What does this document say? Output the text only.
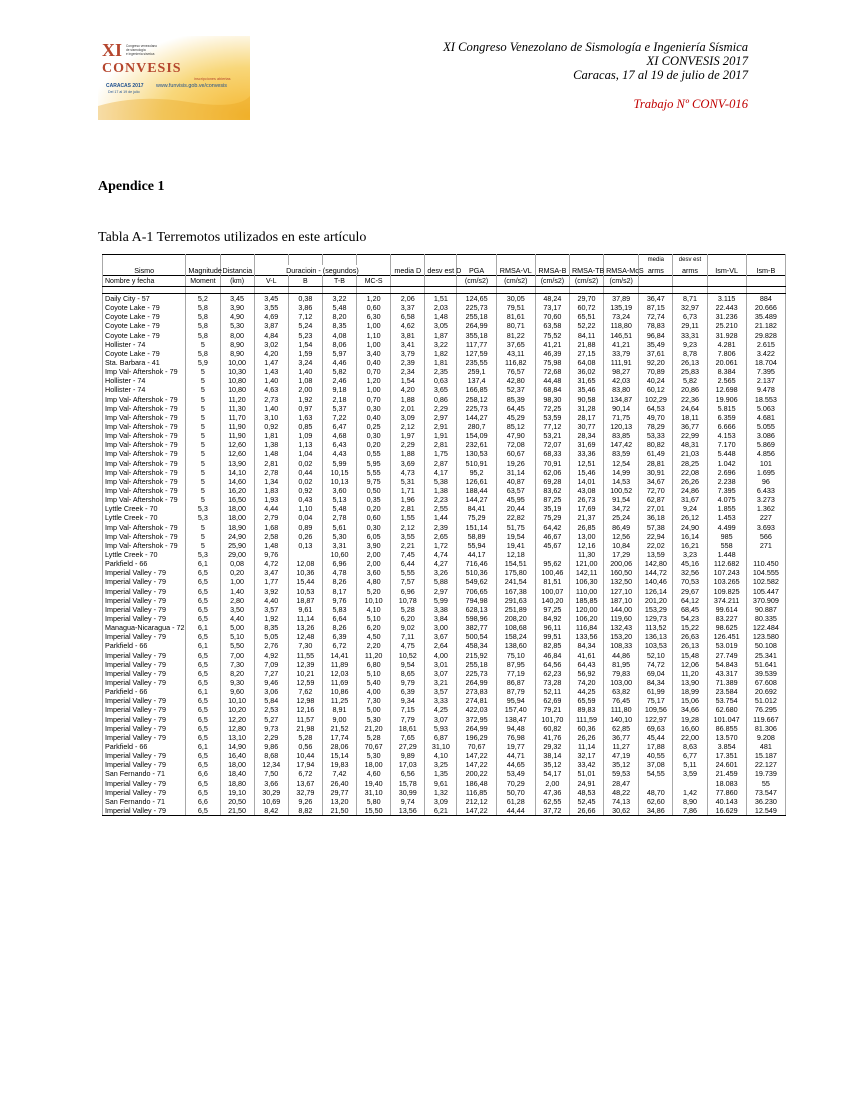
XI Congreso venezolano
de sismología
e ingeniería sísmica
CONVESIS
CARACAS 2017
Del 17 al 19 de julio
inscripciones abiertas
www.funvisis.gob.ve/convesis
XI Congreso Venezolano de Sismología e Ingeniería Sísmica
XI CONVESIS 2017
Caracas, 17 al 19 de julio de 2017
Trabajo Nº CONV-016
Apendice 1
Tabla A-1 Terremotos utilizados en este artículo
														media	desv est		
Sismo	Magnitude	Distancia	Duracioin - (segundos)				media D	desv est D	PGA	RMSA-VL	RMSA-B	RMSA-TB	RMSA-McS	arms	arms	Ism-VL	Ism-B
Nombre y fecha	Moment	(km)	V-L	B	T-B	MC-S			(cm/s2)	(cm/s2)	(cm/s2)	(cm/s2)	(cm/s2)				

Daily City - 57	5,2	3,45	3,45	0,38	3,22	1,20	2,06	1,51	124,65	30,05	48,24	29,70	37,89	36,47	8,71	3.115	884
Coyote Lake - 79	5,8	3,90	3,55	3,86	5,48	0,60	3,37	2,03	225,73	79,51	73,17	60,72	135,19	87,15	32,97	22.443	20.666
Coyote Lake - 79	5,8	4,90	4,69	7,12	8,20	6,30	6,58	1,48	255,18	81,61	70,60	65,51	73,24	72,74	6,73	31.236	35.489
Coyote Lake - 79	5,8	5,30	3,87	5,24	8,35	1,00	4,62	3,05	264,99	80,71	63,58	52,22	118,80	78,83	29,11	25.210	21.182
Coyote Lake - 79	5,8	8,00	4,84	5,23	4,08	1,10	3,81	1,87	355,18	81,22	75,52	84,11	146,51	96,84	33,31	31.928	29.828
Hollister - 74	5	8,90	3,02	1,54	8,06	1,00	3,41	3,22	117,77	37,65	41,21	21,88	41,21	35,49	9,23	4.281	2.615
Coyote Lake - 79	5,8	8,90	4,20	1,59	5,97	3,40	3,79	1,82	127,59	43,11	46,39	27,15	33,79	37,61	8,78	7.806	3.422
Sta. Barbara - 41	5,9	10,00	1,47	3,24	4,46	0,40	2,39	1,81	235,55	116,82	75,98	64,08	111,91	92,20	26,13	20.061	18.704
Imp Val- Aftershok - 79	5	10,30	1,43	1,40	5,82	0,70	2,34	2,35	259,1	76,57	72,68	36,02	98,27	70,89	25,83	8.384	7.395
Hollister - 74	5	10,80	1,40	1,08	2,46	1,20	1,54	0,63	137,4	42,80	44,48	31,65	42,03	40,24	5,82	2.565	2.137
Hollister - 74	5	10,80	4,63	2,00	9,18	1,00	4,20	3,65	166,85	52,37	68,84	35,46	83,80	60,12	20,86	12.698	9.478
Imp Val- Aftershok - 79	5	11,20	2,73	1,92	2,18	0,70	1,88	0,86	258,12	85,39	98,30	90,58	134,87	102,29	22,36	19.906	18.553
Imp Val- Aftershok - 79	5	11,30	1,40	0,97	5,37	0,30	2,01	2,29	225,73	64,45	72,25	31,28	90,14	64,53	24,64	5.815	5.063
Imp Val- Aftershok - 79	5	11,70	3,10	1,63	7,22	0,40	3,09	2,97	144,27	45,29	53,59	28,17	71,75	49,70	18,11	6.359	4.681
Imp Val- Aftershok - 79	5	11,90	0,92	0,85	6,47	0,25	2,12	2,91	280,7	85,12	77,12	30,77	120,13	78,29	36,77	6.666	5.055
Imp Val- Aftershok - 79	5	11,90	1,81	1,09	4,68	0,30	1,97	1,91	154,09	47,90	53,21	28,34	83,85	53,33	22,99	4.153	3.086
Imp Val- Aftershok - 79	5	12,60	1,38	1,13	6,43	0,20	2,29	2,81	232,61	72,08	72,07	31,69	147,42	80,82	48,31	7.170	5.869
Imp Val- Aftershok - 79	5	12,60	1,48	1,04	4,43	0,55	1,88	1,75	130,53	60,67	68,33	33,36	83,59	61,49	21,03	5.448	4.856
Imp Val- Aftershok - 79	5	13,90	2,81	0,02	5,99	5,95	3,69	2,87	510,91	19,26	70,91	12,51	12,54	28,81	28,25	1.042	101
Imp Val- Aftershok - 79	5	14,10	2,78	0,44	10,15	5,55	4,73	4,17	95,2	31,14	62,06	15,46	14,99	30,91	22,08	2.696	1.695
Imp Val- Aftershok - 79	5	14,60	1,34	0,02	10,13	9,75	5,31	5,38	126,61	40,87	69,28	14,01	14,53	34,67	26,26	2.238	96
Imp Val- Aftershok - 79	5	16,20	1,83	0,92	3,60	0,50	1,71	1,38	188,44	63,57	83,62	43,08	100,52	72,70	24,86	7.395	6.433
Imp Val- Aftershok - 79	5	16,50	1,93	0,43	5,13	0,35	1,96	2,23	144,27	45,95	87,25	26,73	91,54	62,87	31,67	4.075	3.273
Lyttle Creek - 70	5,3	18,00	4,44	1,10	5,48	0,20	2,81	2,55	84,41	20,44	35,19	17,69	34,72	27,01	9,24	1.855	1.362
Lyttle Creek - 70	5,3	18,00	2,79	0,04	2,78	0,60	1,55	1,44	75,29	22,82	75,29	21,37	25,24	36,18	26,12	1.453	227
Imp Val- Aftershok - 79	5	18,90	1,68	0,89	5,61	0,30	2,12	2,39	151,14	51,75	64,42	26,85	86,49	57,38	24,90	4.499	3.693
Imp Val- Aftershok - 79	5	24,90	2,58	0,26	5,30	6,05	3,55	2,65	58,89	19,54	46,67	13,00	12,56	22,94	16,14	985	566
Imp Val- Aftershok - 79	5	25,90	1,48	0,13	3,31	3,90	2,21	1,72	55,94	19,41	45,67	12,16	10,84	22,02	16,21	558	271
Lyttle Creek - 70	5,3	29,00	9,76		10,60	2,00	7,45	4,74	44,17	12,18		11,30	17,29	13,59	3,23	1.448	
Parkfield - 66	6,1	0,08	4,72	12,08	6,96	2,00	6,44	4,27	716,46	154,51	95,62	121,00	200,06	142,80	45,16	112.682	110.450
Imperial Valley - 79	6,5	0,20	3,47	10,36	4,78	3,60	5,55	3,26	510,36	175,80	100,46	142,11	160,50	144,72	32,56	107.243	104.555
Imperial Valley - 79	6,5	1,00	1,77	15,44	8,26	4,80	7,57	5,88	549,62	241,54	81,51	106,30	132,50	140,46	70,53	103.265	102.582
Imperial Valley - 79	6,5	1,40	3,92	10,53	8,17	5,20	6,96	2,97	706,65	167,38	100,07	110,00	127,10	126,14	29,67	109.825	105.447
Imperial Valley - 79	6,5	2,80	4,40	18,87	9,76	10,10	10,78	5,99	794,98	291,63	140,20	185,85	187,10	201,20	64,12	374.211	370.909
Imperial Valley - 79	6,5	3,50	3,57	9,61	5,83	4,10	5,28	3,38	628,13	251,89	97,25	120,00	144,00	153,29	68,45	99.614	90.887
Imperial Valley - 79	6,5	4,40	1,92	11,14	6,64	5,10	6,20	3,84	598,96	208,20	84,92	106,20	119,60	129,73	54,23	83.227	80.335
Managua-Nicaragua - 72	6,1	5,00	8,35	13,26	8,26	6,20	9,02	3,00	382,77	108,68	96,11	116,84	132,43	113,52	15,22	98.625	122.484
Imperial Valley - 79	6,5	5,10	5,05	12,48	6,39	4,50	7,11	3,67	500,54	158,24	99,51	133,56	153,20	136,13	26,63	126.451	123.580
Parkfield - 66	6,1	5,50	2,76	7,30	6,72	2,20	4,75	2,64	458,34	138,60	82,85	84,34	108,33	103,53	26,13	53.019	50.108
Imperial Valley - 79	6,5	7,00	4,92	11,55	14,41	11,20	10,52	4,00	215,92	75,10	46,84	41,61	44,86	52,10	15,48	27.749	25.341
Imperial Valley - 79	6,5	7,30	7,09	12,39	11,89	6,80	9,54	3,01	255,18	87,95	64,56	64,43	81,95	74,72	12,06	54.843	51.641
Imperial Valley - 79	6,5	8,20	7,27	10,21	12,03	5,10	8,65	3,07	225,73	77,19	62,23	56,92	79,83	69,04	11,20	43.317	39.539
Imperial Valley - 79	6,5	9,30	9,46	12,59	11,69	5,40	9,79	3,21	264,99	86,87	73,28	74,20	103,00	84,34	13,90	71.389	67.608
Parkfield - 66	6,1	9,60	3,06	7,62	10,86	4,00	6,39	3,57	273,83	87,79	52,11	44,25	63,82	61,99	18,99	23.584	20.692
Imperial Valley - 79	6,5	10,10	5,84	12,98	11,25	7,30	9,34	3,33	274,81	95,94	62,69	65,59	76,45	75,17	15,06	53.754	51.012
Imperial Valley - 79	6,5	10,20	2,53	12,16	8,91	5,00	7,15	4,25	422,03	157,40	79,21	89,83	111,80	109,56	34,66	62.680	76.295
Imperial Valley - 79	6,5	12,20	5,27	11,57	9,00	5,30	7,79	3,07	372,95	138,47	101,70	111,59	140,10	122,97	19,28	101.047	119.667
Imperial Valley - 79	6,5	12,80	9,73	21,98	21,52	21,20	18,61	5,93	264,99	94,48	60,82	60,36	62,85	69,63	16,60	86.855	81.306
Imperial Valley - 79	6,5	13,10	2,29	5,28	17,74	5,28	7,65	6,87	196,29	76,98	41,76	26,26	36,77	45,44	22,00	13.570	9.208
Parkfield - 66	6,1	14,90	9,86	0,56	28,06	70,67	27,29	31,10	70,67	19,77	29,32	11,14	11,27	17,88	8,63	3.854	481
Imperial Valley - 79	6,5	16,40	8,68	10,44	15,14	5,30	9,89	4,10	147,22	44,71	38,14	32,17	47,19	40,55	6,77	17.351	15.187
Imperial Valley - 79	6,5	18,00	12,34	17,94	19,83	18,00	17,03	3,25	147,22	44,65	35,12	33,42	35,12	37,08	5,11	24.601	22.127
San Fernando - 71	6,6	18,40	7,50	6,72	7,42	4,60	6,56	1,35	200,22	53,49	54,17	51,01	59,53	54,55	3,59	21.459	19.739
Imperial Valley - 79	6,5	18,80	3,66	13,67	26,40	19,40	15,78	9,61	186,48	70,29	2,00	24,91	28,47			18.083	55
Imperial Valley - 79	6,5	19,10	30,29	32,79	29,77	31,10	30,99	1,32	116,85	50,70	47,36	48,53	48,22	48,70	1,42	77.860	73.547
San Fernando - 71	6,6	20,50	10,69	9,26	13,20	5,80	9,74	3,09	212,12	61,28	62,55	52,45	74,13	62,60	8,90	40.143	36.230
Imperial Valley - 79	6,5	21,50	8,42	8,82	21,50	15,50	13,56	6,21	147,22	44,44	37,72	26,66	30,62	34,86	7,86	16.629	12.549
